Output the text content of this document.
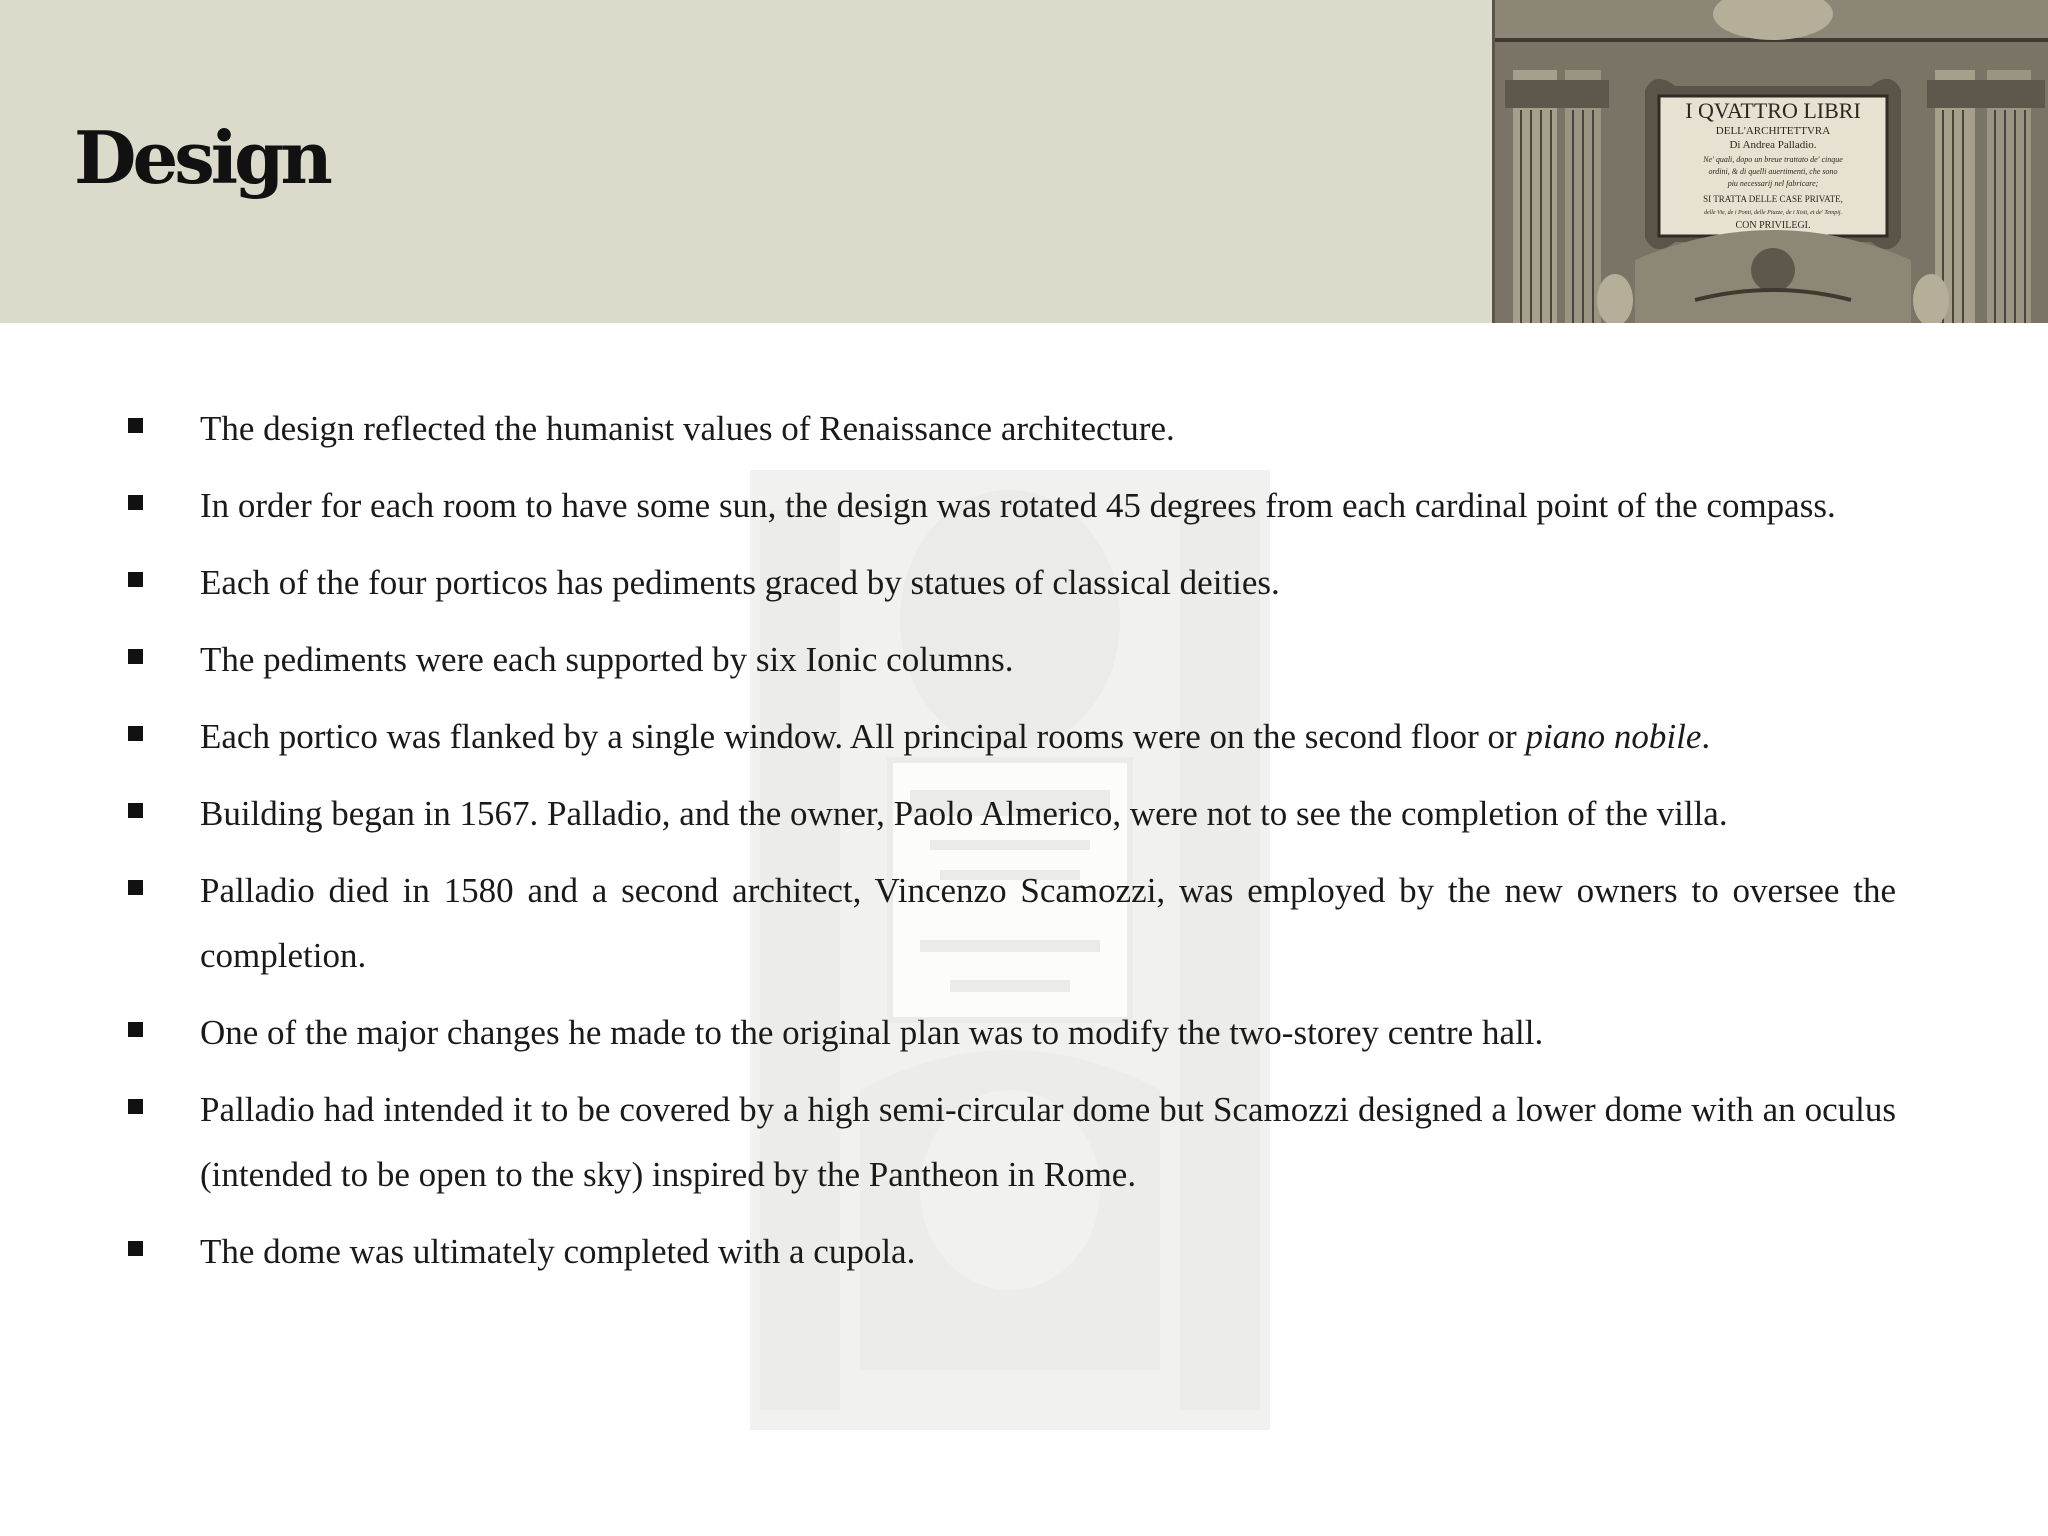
Design
I QVATTRO LIBRI
DELL'ARCHITETTVRA
Di Andrea Palladio.
Ne' quali, dopo un breue trattato de' cinque
ordini, & di quelli auertimenti, che sono
piu necessarij nel fabricare;
SI TRATTA DELLE CASE PRIVATE,
delle Vie, de i Ponti, delle Piazze, de i Xisti, et de' Tempij.
CON PRIVILEGI.
The design reflected the humanist values of Renaissance architecture.
In order for each room to have some sun, the design was rotated 45 degrees from each cardinal point of the compass.
Each of the four porticos has pediments graced by statues of classical deities.
The pediments were each supported by six Ionic columns.
Each portico was flanked by a single window. All principal rooms were on the second floor or piano nobile.
Building began in 1567. Palladio, and the owner, Paolo Almerico, were not to see the completion of the villa.
Palladio died in 1580 and a second architect, Vincenzo Scamozzi, was employed by the new owners to oversee the completion.
One of the major changes he made to the original plan was to modify the two-storey centre hall.
Palladio had intended it to be covered by a high semi-circular dome but Scamozzi designed a lower dome with an oculus (intended to be open to the sky) inspired by the Pantheon in Rome.
The dome was ultimately completed with a cupola.
